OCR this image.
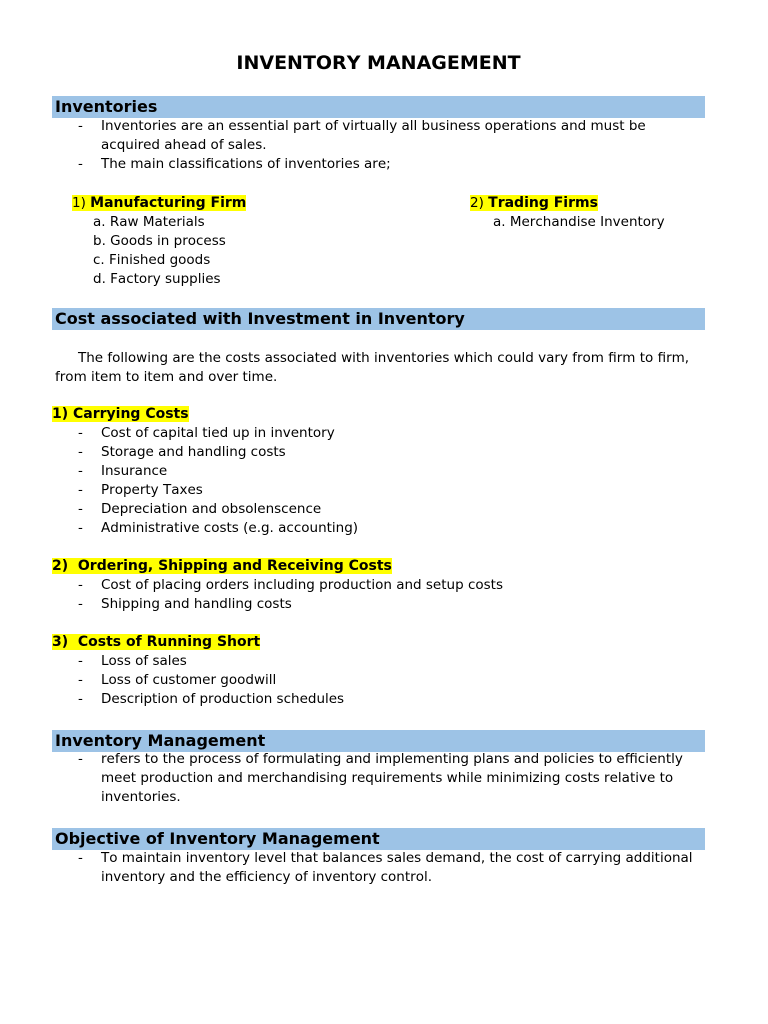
INVENTORY MANAGEMENT
Inventories
-	Inventories are an essential part of virtually all business operations and must be acquired ahead of sales.
-	The main classifications of inventories are;
1) Manufacturing Firm
a. Raw Materials
b. Goods in process
c. Finished goods
d. Factory supplies
2) Trading Firms
a. Merchandise Inventory
Cost associated with Investment in Inventory
The following are the costs associated with inventories which could vary from firm to firm, from item to item and over time.
1) Carrying Costs
-	Cost of capital tied up in inventory
-	Storage and handling costs
-	Insurance
-	Property Taxes
-	Depreciation and obsolenscence
-	Administrative costs (e.g. accounting)
2)  Ordering, Shipping and Receiving Costs
-	Cost of placing orders including production and setup costs
-	Shipping and handling costs
3)  Costs of Running Short
-	Loss of sales
-	Loss of customer goodwill
-	Description of production schedules
Inventory Management
-	refers to the process of formulating and implementing plans and policies to efficiently meet production and merchandising requirements while minimizing costs relative to inventories.
Objective of Inventory Management
-	To maintain inventory level that balances sales demand, the cost of carrying additional inventory and the efficiency of inventory control.
